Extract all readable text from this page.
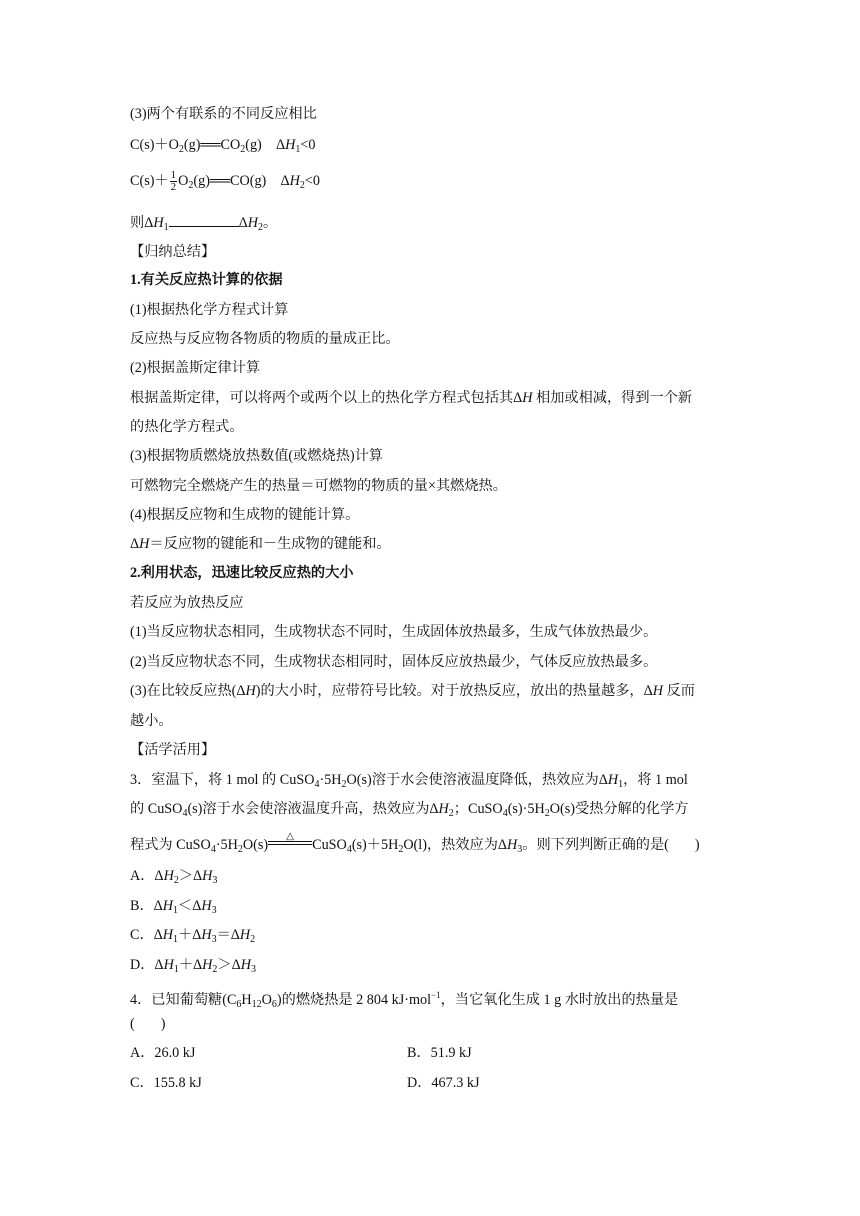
(3)两个有联系的不同反应相比
$C(s)+O_2(g)══CO_2(g)$　$\Delta H_1<0$
$C(s)+ \frac{1}{2}$ $O_2(g)══CO(g)$　$\Delta H_2<0$
则$\Delta H_1$	$\Delta H_2$。
【归纳总结】
1.有关反应热计算的依据
(1)根据热化学方程式计算
反应热与反应物各物质的物质的量成正比。
(2)根据盖斯定律计算
根据盖斯定律，可以将两个或两个以上的热化学方程式包括其ΔH 相加或相减，得到一个新
的热化学方程式。
(3)根据物质燃烧放热数值(或燃烧热)计算
可燃物完全燃烧产生的热量＝可燃物的物质的量×其燃烧热。
(4)根据反应物和生成物的键能计算。
ΔH＝反应物的键能和－生成物的键能和。
2.利用状态，迅速比较反应热的大小
若反应为放热反应
(1)当反应物状态相同，生成物状态不同时，生成固体放热最多，生成气体放热最少。
(2)当反应物状态不同，生成物状态相同时，固体反应放热最少，气体反应放热最多。
(3)在比较反应热(ΔH)的大小时，应带符号比较。对于放热反应，放出的热量越多，ΔH 反而
越小。
【活学活用】
3．室温下，将 1 mol 的 $CuSO_4\cdot 5H_2O(s)$溶于水会使溶液温度降低，热效应为$\Delta H_1$，将 1 mol
的 CuSO$_4$(s)溶于水会使溶液温度升高，热效应为$\Delta H_2$；$CuSO_4(s)\cdot 5H_2O(s)$受热分解的化学方
程式为 $CuSO_4\cdot 5H_2O(s)$
△
$CuSO_4(s)+5H_2O(l)$，热效应为$\Delta H_3$。则下列判断正确的是( )
A．$\Delta H_2>\Delta H_3$
B．$\Delta H_1<\Delta H_3$
C．$\Delta H_1+\Delta H_3=\Delta H_2$
D．$\Delta H_1+\Delta H_2>\Delta H_3$
4．已知葡萄糖$(C_6H_{12}O_6)$的燃烧热是 2 804 kJ·mol$^{-1}$，当它氧化生成 1 g 水时放出的热量是
( )
A．26.0 kJ	B．51.9 kJ
C．155.8 kJ	D．467.3 kJ
